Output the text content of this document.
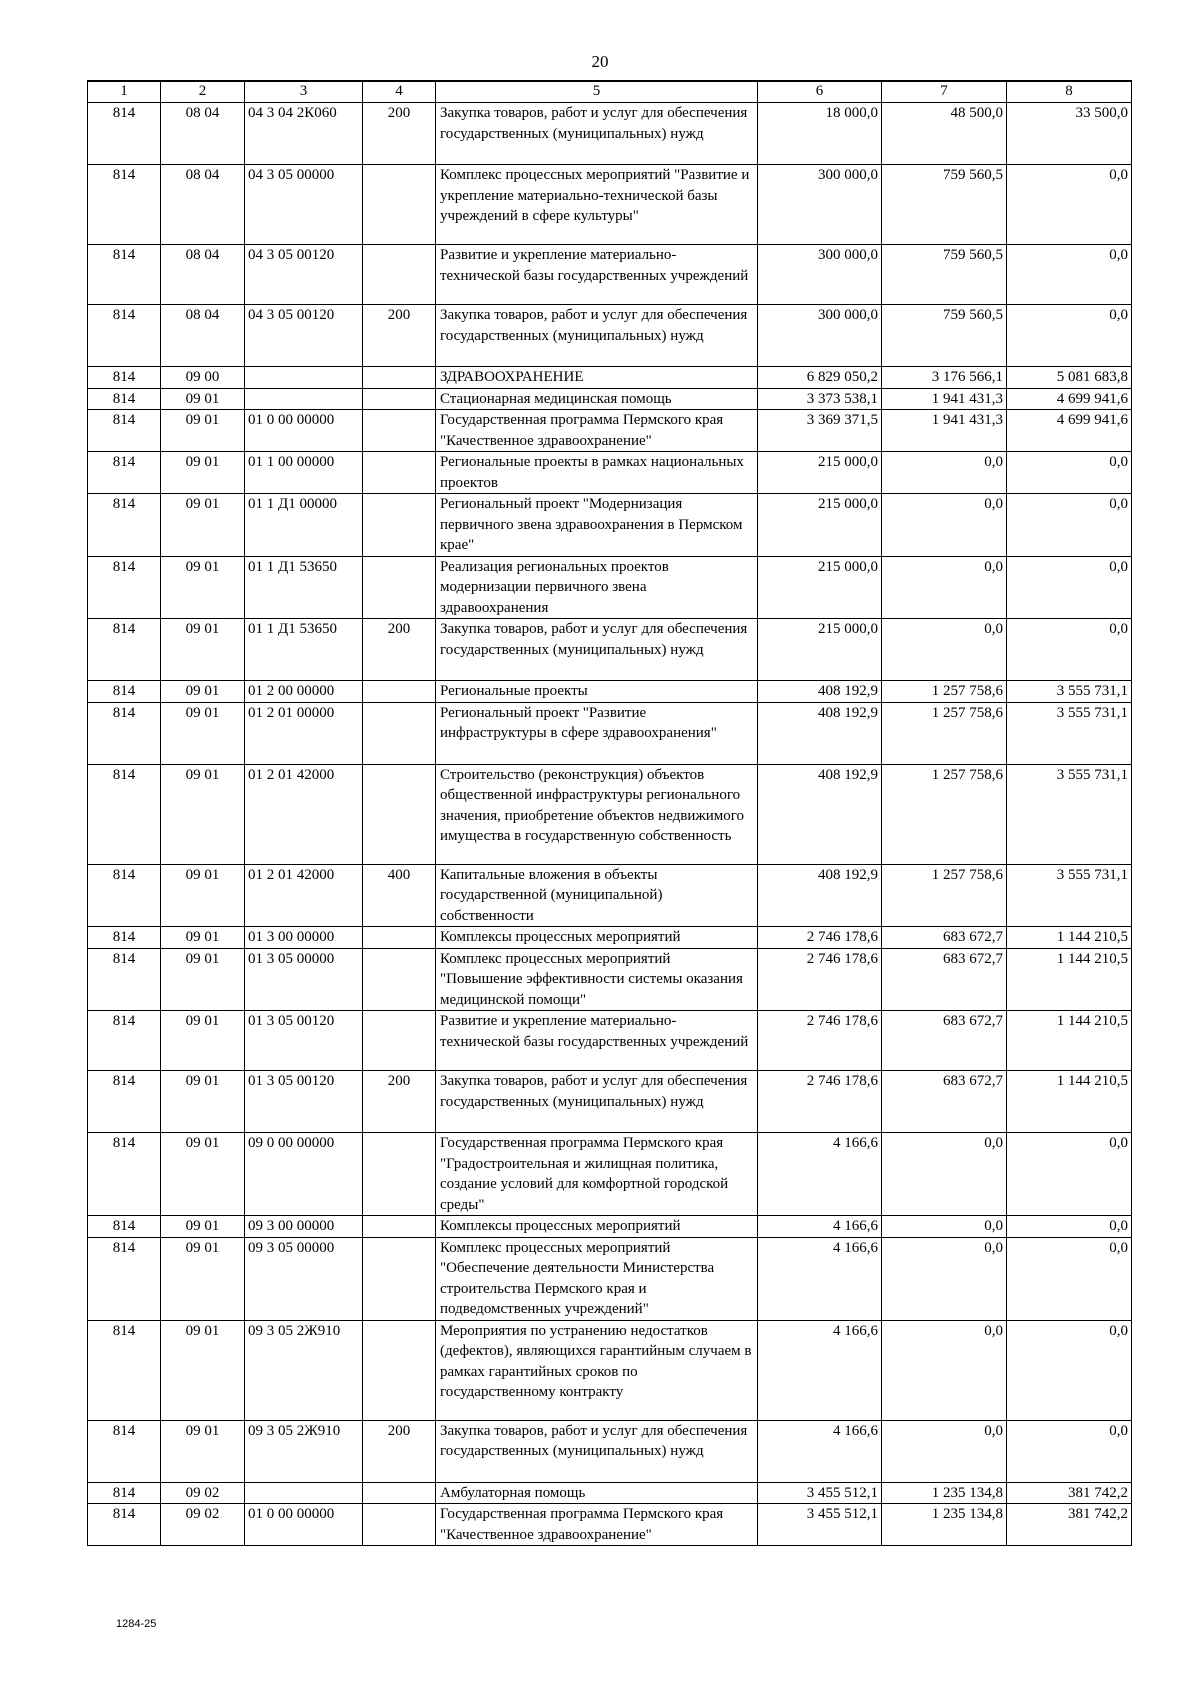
20
1	2	3	4	5	6	7	8
814	08 04	04 3 04 2К060	200	Закупка товаров, работ и услуг для обеспечения государственных (муниципальных) нужд	18 000,0	48 500,0	33 500,0
814	08 04	04 3 05 00000		Комплекс процессных мероприятий "Развитие и укрепление материально-технической базы учреждений в сфере культуры"	300 000,0	759 560,5	0,0
814	08 04	04 3 05 00120		Развитие и укрепление материально-технической базы государственных учреждений	300 000,0	759 560,5	0,0
814	08 04	04 3 05 00120	200	Закупка товаров, работ и услуг для обеспечения государственных (муниципальных) нужд	300 000,0	759 560,5	0,0
814	09 00			ЗДРАВООХРАНЕНИЕ	6 829 050,2	3 176 566,1	5 081 683,8
814	09 01			Стационарная медицинская помощь	3 373 538,1	1 941 431,3	4 699 941,6
814	09 01	01 0 00 00000		Государственная программа Пермского края "Качественное здравоохранение"	3 369 371,5	1 941 431,3	4 699 941,6
814	09 01	01 1 00 00000		Региональные проекты в рамках национальных проектов	215 000,0	0,0	0,0
814	09 01	01 1 Д1 00000		Региональный проект "Модернизация первичного звена здравоохранения в Пермском крае"	215 000,0	0,0	0,0
814	09 01	01 1 Д1 53650		Реализация региональных проектов модернизации первичного звена здравоохранения	215 000,0	0,0	0,0
814	09 01	01 1 Д1 53650	200	Закупка товаров, работ и услуг для обеспечения государственных (муниципальных) нужд	215 000,0	0,0	0,0
814	09 01	01 2 00 00000		Региональные проекты	408 192,9	1 257 758,6	3 555 731,1
814	09 01	01 2 01 00000		Региональный проект "Развитие инфраструктуры в сфере здравоохранения"	408 192,9	1 257 758,6	3 555 731,1
814	09 01	01 2 01 42000		Строительство (реконструкция) объектов общественной инфраструктуры регионального значения, приобретение объектов недвижимого имущества в государственную собственность	408 192,9	1 257 758,6	3 555 731,1
814	09 01	01 2 01 42000	400	Капитальные вложения в объекты государственной (муниципальной) собственности	408 192,9	1 257 758,6	3 555 731,1
814	09 01	01 3 00 00000		Комплексы процессных мероприятий	2 746 178,6	683 672,7	1 144 210,5
814	09 01	01 3 05 00000		Комплекс процессных мероприятий "Повышение эффективности системы оказания медицинской помощи"	2 746 178,6	683 672,7	1 144 210,5
814	09 01	01 3 05 00120		Развитие и укрепление материально-технической базы государственных учреждений	2 746 178,6	683 672,7	1 144 210,5
814	09 01	01 3 05 00120	200	Закупка товаров, работ и услуг для обеспечения государственных (муниципальных) нужд	2 746 178,6	683 672,7	1 144 210,5
814	09 01	09 0 00 00000		Государственная программа Пермского края "Градостроительная и жилищная политика, создание условий для комфортной городской среды"	4 166,6	0,0	0,0
814	09 01	09 3 00 00000		Комплексы процессных мероприятий	4 166,6	0,0	0,0
814	09 01	09 3 05 00000		Комплекс процессных мероприятий "Обеспечение деятельности Министерства строительства Пермского края и подведомственных учреждений"	4 166,6	0,0	0,0
814	09 01	09 3 05 2Ж910		Мероприятия по устранению недостатков (дефектов), являющихся гарантийным случаем в рамках гарантийных сроков по государственному контракту	4 166,6	0,0	0,0
814	09 01	09 3 05 2Ж910	200	Закупка товаров, работ и услуг для обеспечения государственных (муниципальных) нужд	4 166,6	0,0	0,0
814	09 02			Амбулаторная помощь	3 455 512,1	1 235 134,8	381 742,2
814	09 02	01 0 00 00000		Государственная программа Пермского края "Качественное здравоохранение"	3 455 512,1	1 235 134,8	381 742,2
1284-25
